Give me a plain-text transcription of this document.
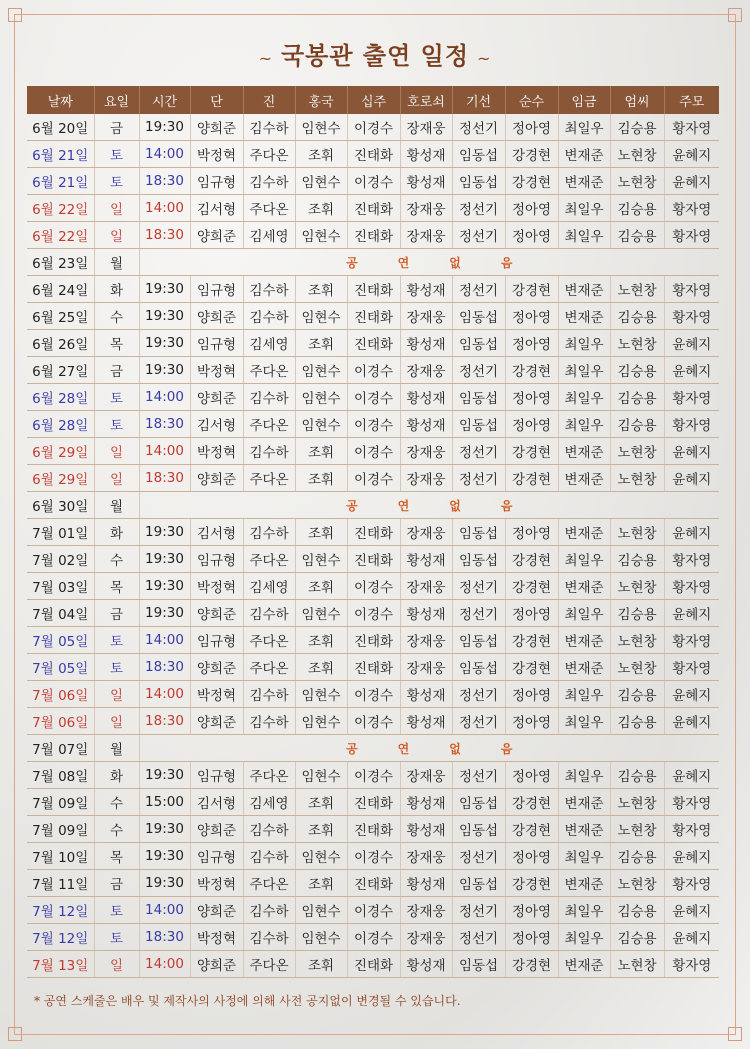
~ 국봉관 출연 일정 ~
날짜	요일	시간	단	진	홍국	십주	호로쇠	기선	순수	임금	엄씨	주모
6월 20일	금	19:30	양희준	김수하	임현수	이경수	장재웅	정선기	정아영	최일우	김승용	황자영
6월 21일	토	14:00	박정혁	주다온	조휘	진태화	황성재	임동섭	강경현	변재준	노현창	윤혜지
6월 21일	토	18:30	임규형	김수하	임현수	이경수	황성재	임동섭	강경현	변재준	노현창	윤혜지
6월 22일	일	14:00	김서형	주다온	조휘	진태화	장재웅	정선기	정아영	최일우	김승용	황자영
6월 22일	일	18:30	양희준	김세영	임현수	진태화	장재웅	정선기	정아영	최일우	김승용	황자영
6월 23일	월	공연없음										
6월 24일	화	19:30	임규형	김수하	조휘	진태화	황성재	정선기	강경현	변재준	노현창	황자영
6월 25일	수	19:30	양희준	김수하	임현수	진태화	장재웅	임동섭	정아영	변재준	김승용	황자영
6월 26일	목	19:30	임규형	김세영	조휘	진태화	황성재	임동섭	정아영	최일우	노현창	윤혜지
6월 27일	금	19:30	박정혁	주다온	임현수	이경수	장재웅	정선기	강경현	최일우	김승용	윤혜지
6월 28일	토	14:00	양희준	김수하	임현수	이경수	황성재	임동섭	정아영	최일우	김승용	황자영
6월 28일	토	18:30	김서형	주다온	임현수	이경수	황성재	임동섭	정아영	최일우	김승용	황자영
6월 29일	일	14:00	박정혁	김수하	조휘	이경수	장재웅	정선기	강경현	변재준	노현창	윤혜지
6월 29일	일	18:30	양희준	주다온	조휘	이경수	장재웅	정선기	강경현	변재준	노현창	윤혜지
6월 30일	월	공연없음										
7월 01일	화	19:30	김서형	김수하	조휘	진태화	장재웅	임동섭	정아영	변재준	노현창	윤혜지
7월 02일	수	19:30	임규형	주다온	임현수	진태화	황성재	임동섭	강경현	최일우	김승용	황자영
7월 03일	목	19:30	박정혁	김세영	조휘	이경수	장재웅	정선기	강경현	변재준	노현창	황자영
7월 04일	금	19:30	양희준	김수하	임현수	이경수	황성재	정선기	정아영	최일우	김승용	윤혜지
7월 05일	토	14:00	임규형	주다온	조휘	진태화	장재웅	임동섭	강경현	변재준	노현창	황자영
7월 05일	토	18:30	양희준	주다온	조휘	진태화	장재웅	임동섭	강경현	변재준	노현창	황자영
7월 06일	일	14:00	박정혁	김수하	임현수	이경수	황성재	정선기	정아영	최일우	김승용	윤혜지
7월 06일	일	18:30	양희준	김수하	임현수	이경수	황성재	정선기	정아영	최일우	김승용	윤혜지
7월 07일	월	공연없음										
7월 08일	화	19:30	임규형	주다온	임현수	이경수	장재웅	정선기	정아영	최일우	김승용	윤혜지
7월 09일	수	15:00	김서형	김세영	조휘	진태화	황성재	임동섭	강경현	변재준	노현창	황자영
7월 09일	수	19:30	양희준	김수하	조휘	진태화	황성재	임동섭	강경현	변재준	노현창	황자영
7월 10일	목	19:30	임규형	김수하	임현수	이경수	장재웅	정선기	정아영	최일우	김승용	윤혜지
7월 11일	금	19:30	박정혁	주다온	조휘	진태화	황성재	임동섭	강경현	변재준	노현창	황자영
7월 12일	토	14:00	양희준	김수하	임현수	이경수	장재웅	정선기	정아영	최일우	김승용	윤혜지
7월 12일	토	18:30	박정혁	김수하	임현수	이경수	장재웅	정선기	정아영	최일우	김승용	윤혜지
7월 13일	일	14:00	양희준	주다온	조휘	진태화	황성재	임동섭	강경현	변재준	노현창	황자영
* 공연 스케줄은 배우 및 제작사의 사정에 의해 사전 공지없이 변경될 수 있습니다.
